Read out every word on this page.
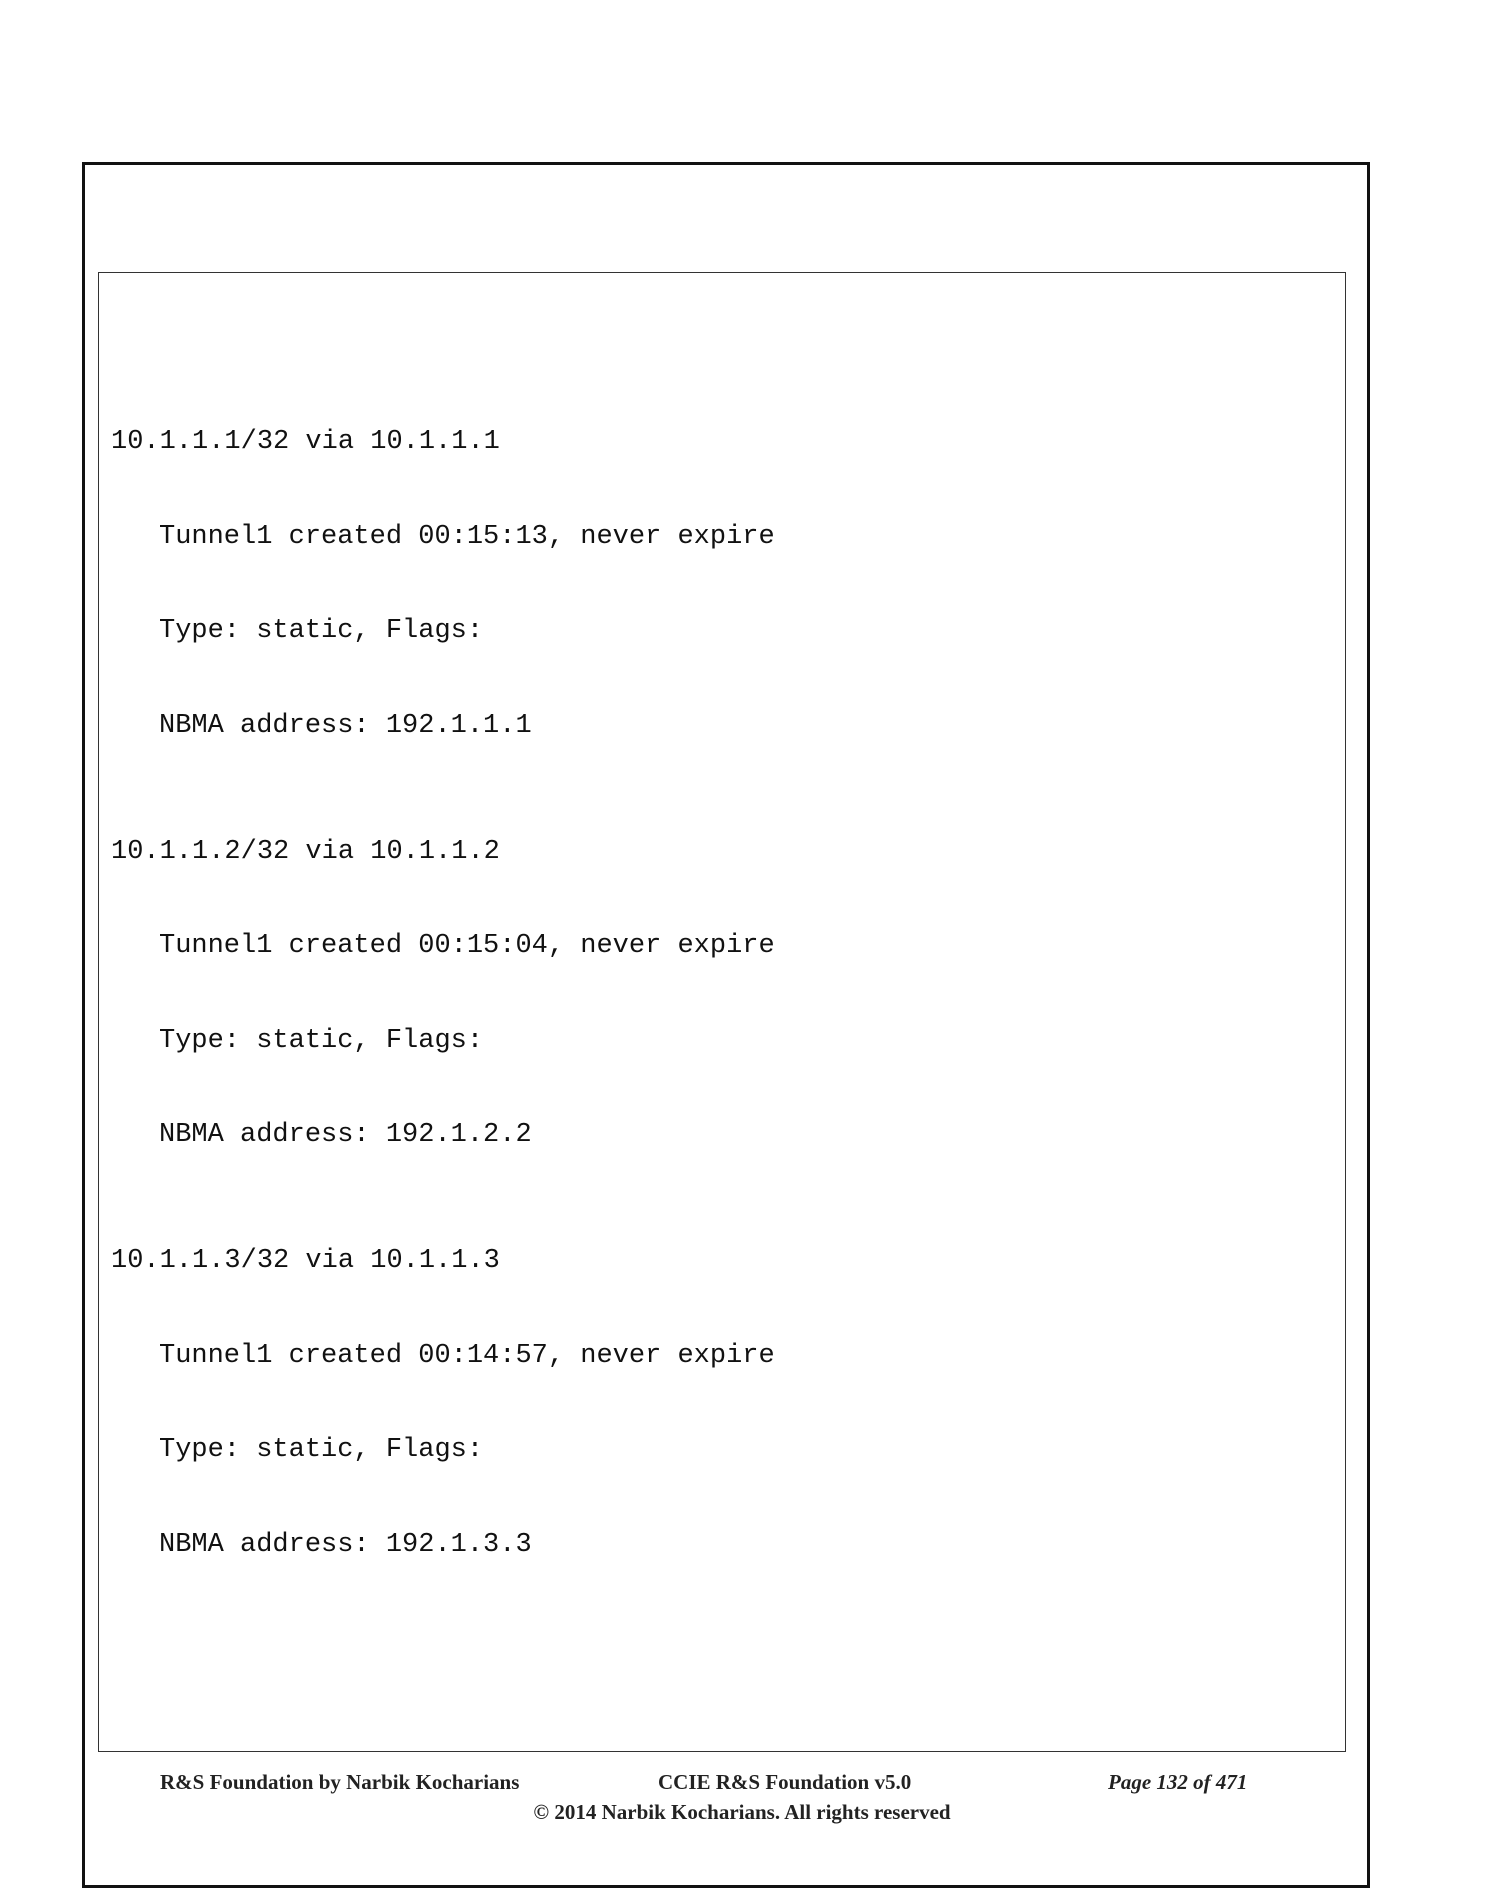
10.1.1.1/32 via 10.1.1.1

Tunnel1 created 00:15:13, never expire

Type: static, Flags:

NBMA address: 192.1.1.1

10.1.1.2/32 via 10.1.1.2

Tunnel1 created 00:15:04, never expire

Type: static, Flags:

NBMA address: 192.1.2.2

10.1.1.3/32 via 10.1.1.3

Tunnel1 created 00:14:57, never expire

Type: static, Flags:

NBMA address: 192.1.3.3

R&S Foundation by Narbik Kocharians	CCIE R&S Foundation v5.0	Page 132 of 471
© 2014 Narbik Kocharians. All rights reserved
